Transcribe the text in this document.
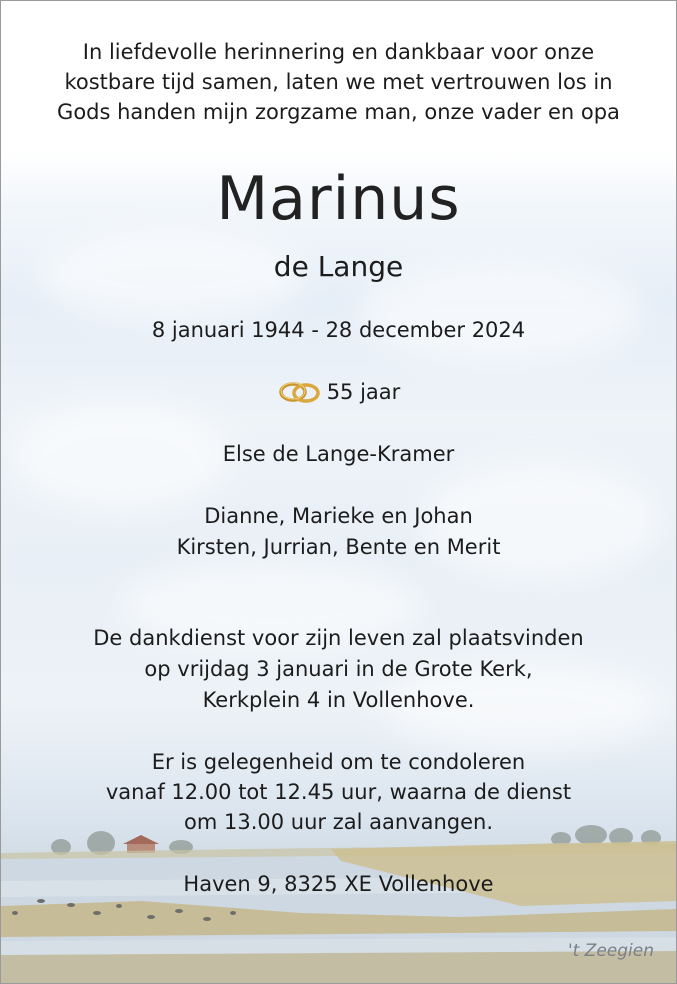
In liefdevolle herinnering en dankbaar voor onze
kostbare tijd samen, laten we met vertrouwen los in
Gods handen mijn zorgzame man, onze vader en opa
Marinus
de Lange
8 januari 1944 - 28 december 2024
55 jaar
Else de Lange-Kramer
Dianne, Marieke en Johan
Kirsten, Jurrian, Bente en Merit
De dankdienst voor zijn leven zal plaatsvinden
op vrijdag 3 januari in de Grote Kerk,
Kerkplein 4 in Vollenhove.
Er is gelegenheid om te condoleren
vanaf 12.00 tot 12.45 uur, waarna de dienst
om 13.00 uur zal aanvangen.
Haven 9, 8325 XE Vollenhove
't Zeegien
